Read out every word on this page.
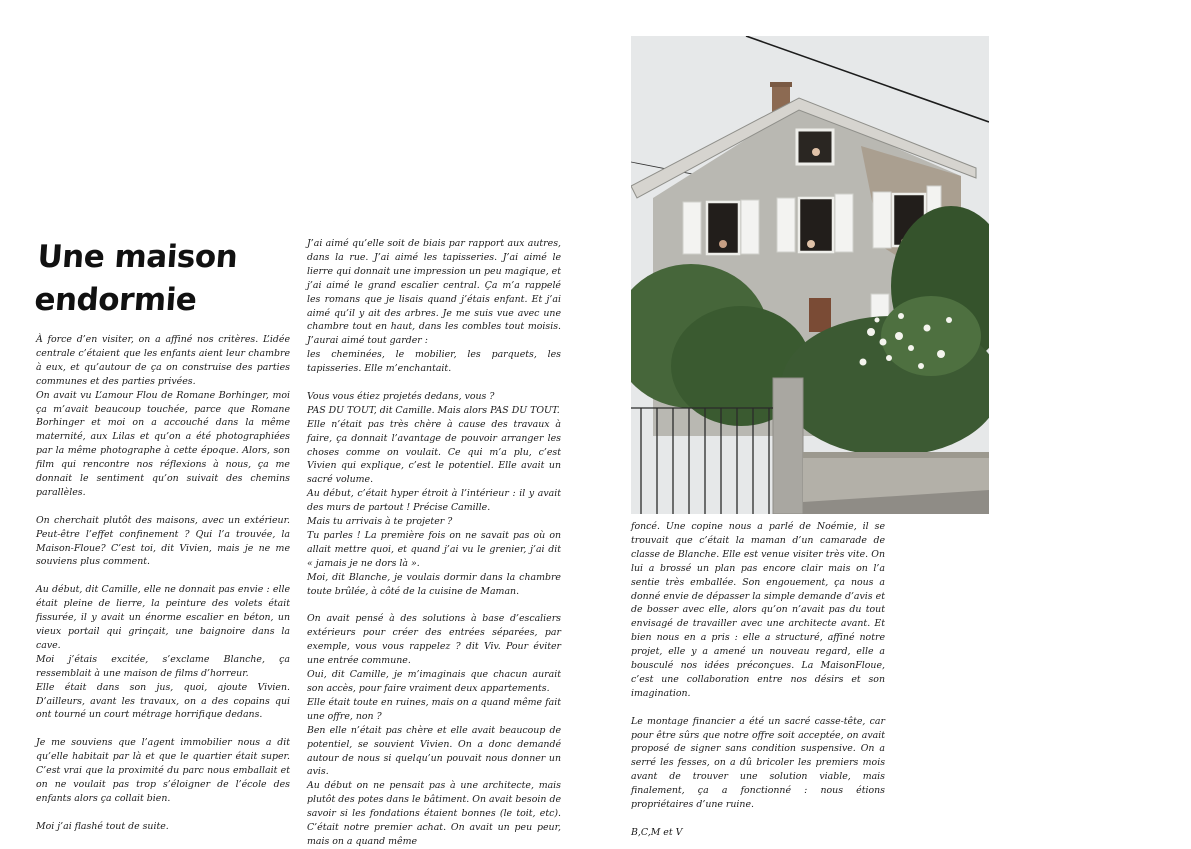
Une maison
endormie

À force d’en visiter, on a affiné nos critères. L’idée centrale c’étaient que les enfants aient leur chambre à eux, et qu’autour de ça on construise des parties communes et des parties privées.

On avait vu L’amour Flou de Romane Borhinger, moi ça m’avait beaucoup touchée, parce que Romane Borhinger et moi on a accouché dans la même maternité, aux Lilas et qu’on a été photographiées par la même photographe à cette époque. Alors, son film qui rencontre nos réflexions à nous, ça me donnait le sentiment qu’on suivait des chemins parallèles.

On cherchait plutôt des maisons, avec un extérieur. Peut-être l’effet confinement ? Qui l’a trouvée, la Maison-Floue? C’est toi, dit Vivien, mais je ne me souviens plus comment.

Au début, dit Camille, elle ne donnait pas envie : elle était pleine de lierre, la peinture des volets était fissurée, il y avait un énorme escalier en béton, un vieux portail qui grinçait, une baignoire dans la cave.

Moi j’étais excitée, s’exclame Blanche, ça ressemblait à une maison de films d’horreur.

Elle était dans son jus, quoi, ajoute Vivien. D’ailleurs, avant les travaux, on a des copains qui ont tourné un court métrage horrifique dedans.

Je me souviens que l’agent immobilier nous a dit qu’elle habitait par là et que le quartier était super. C’est vrai que la proximité du parc nous emballait et on ne voulait pas trop s’éloigner de l’école des enfants alors ça collait bien.

Moi j’ai flashé tout de suite.

J’ai aimé qu’elle soit de biais par rapport aux autres, dans la rue. J’ai aimé les tapisseries. J’ai aimé le lierre qui donnait une impression un peu magique, et j’ai aimé le grand escalier central. Ça m’a rappelé les romans que je lisais quand j’étais enfant. Et j’ai aimé qu’il y ait des arbres. Je me suis vue avec une chambre tout en haut, dans les combles tout moisis. J’aurai aimé tout garder :

les cheminées, le mobilier, les parquets, les tapisseries. Elle m’enchantait.

Vous vous étiez projetés dedans, vous ?

PAS DU TOUT, dit Camille. Mais alors PAS DU TOUT.

Elle n’était pas très chère à cause des travaux à faire, ça donnait l’avantage de pouvoir arranger les choses comme on voulait. Ce qui m’a plu, c’est Vivien qui explique, c’est le potentiel. Elle avait un sacré volume.

Au début, c’était hyper étroit à l’intérieur : il y avait des murs de partout ! Précise Camille.

Mais tu arrivais à te projeter ?

Tu parles ! La première fois on ne savait pas où on allait mettre quoi, et quand j’ai vu le grenier, j’ai dit « jamais je ne dors là ».

Moi, dit Blanche, je voulais dormir dans la chambre toute brûlée, à côté de la cuisine de Maman.

On avait pensé à des solutions à base d’escaliers extérieurs pour créer des entrées séparées, par exemple, vous vous rappelez ? dit Viv. Pour éviter une entrée commune.

Oui, dit Camille, je m’imaginais que chacun aurait son accès, pour faire vraiment deux appartements.

Elle était toute en ruines, mais on a quand même fait une offre, non ?

Ben elle n’était pas chère et elle avait beaucoup de potentiel, se souvient Vivien. On a donc demandé autour de nous si quelqu’un pouvait nous donner un avis.

Au début on ne pensait pas à une architecte, mais plutôt des potes dans le bâtiment. On avait besoin de savoir si les fondations étaient bonnes (le toit, etc). C’était notre premier achat. On avait un peu peur, mais on a quand même

foncé. Une copine nous a parlé de Noémie, il se trouvait que c’était la maman d’un camarade de classe de Blanche. Elle est venue visiter très vite. On lui a brossé un plan pas encore clair mais on l’a sentie très emballée. Son engouement, ça nous a donné envie de dépasser la simple demande d’avis et de bosser avec elle, alors qu’on n’avait pas du tout envisagé de travailler avec une architecte avant. Et bien nous en a pris : elle a structuré, affiné notre projet, elle y a amené un nouveau regard, elle a bousculé nos idées préconçues. La MaisonFloue, c’est une collaboration entre nos désirs et son imagination.

Le montage financier a été un sacré casse-tête, car pour être sûrs que notre offre soit acceptée, on avait proposé de signer sans condition suspensive. On a serré les fesses, on a dû bricoler les premiers mois avant de trouver une solution viable, mais finalement, ça a fonctionné : nous étions propriétaires d’une ruine.

B,C,M et V
